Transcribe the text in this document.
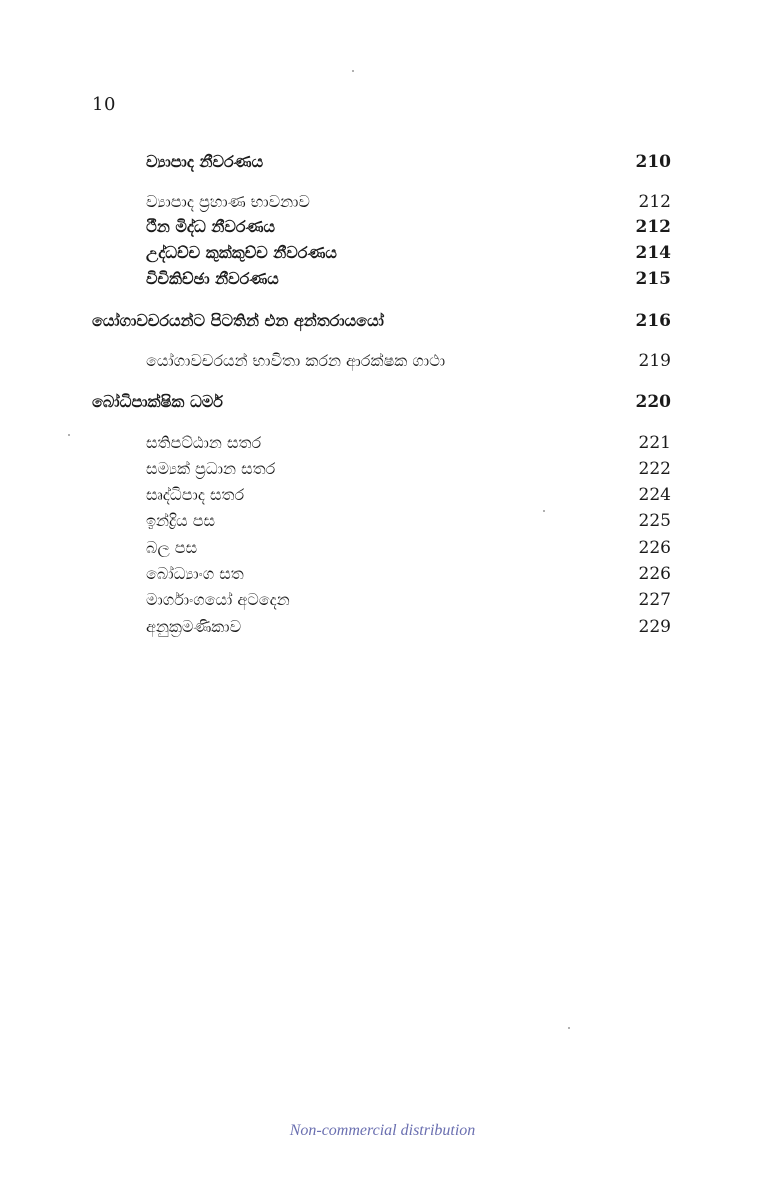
10
ව්‍යාපාද නීවරණය	210
ව්‍යාපාද ප්‍රහාණ භාවනාව	212
ථීන මිද්ධ නීවරණය	212
උද්ධච්ච කුක්කුච්ච නීවරණය	214
විචිකිච්ඡා නීවරණය	215
යෝගාවචරයන්ට පිටතින් එන අන්තරායයෝ	216
යෝගාවචරයන් භාවිතා කරන ආරක්ෂක ගාථා	219
බෝධිපාක්ෂික ධර්ම	220
සතිපට්ඨාන සතර	221
සම්‍යක් ප්‍රධාන සතර	222
සෘද්ධිපාද සතර	224
ඉන්ද්‍රිය පස	225
බල පස	226
බෝධ්‍යාංග සත	226
මාර්ගාංගයෝ අටදෙන	227
අනුක්‍රමණිකාව	229
Non-commercial distribution
